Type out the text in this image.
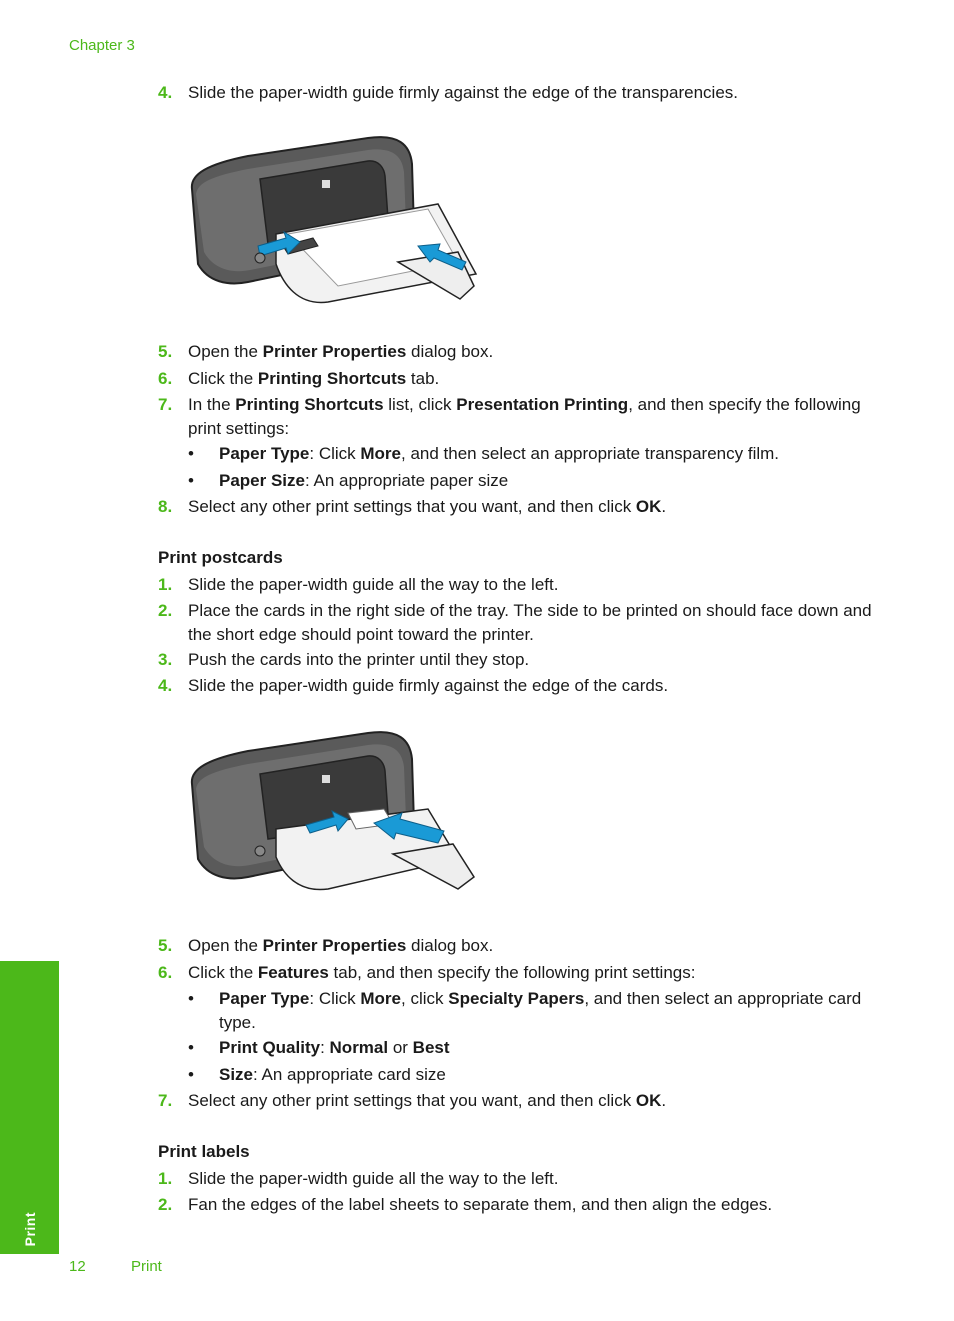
Chapter 3
4. Slide the paper-width guide firmly against the edge of the transparencies.
5. Open the Printer Properties dialog box.
6. Click the Printing Shortcuts tab.
7. In the Printing Shortcuts list, click Presentation Printing, and then specify the following print settings:
• Paper Type: Click More, and then select an appropriate transparency film.
• Paper Size: An appropriate paper size
8. Select any other print settings that you want, and then click OK.
Print postcards
1. Slide the paper-width guide all the way to the left.
2. Place the cards in the right side of the tray. The side to be printed on should face down and the short edge should point toward the printer.
3. Push the cards into the printer until they stop.
4. Slide the paper-width guide firmly against the edge of the cards.
5. Open the Printer Properties dialog box.
6. Click the Features tab, and then specify the following print settings:
• Paper Type: Click More, click Specialty Papers, and then select an appropriate card type.
• Print Quality: Normal or Best
• Size: An appropriate card size
7. Select any other print settings that you want, and then click OK.
Print labels
1. Slide the paper-width guide all the way to the left.
2. Fan the edges of the label sheets to separate them, and then align the edges.
Print
12	Print
